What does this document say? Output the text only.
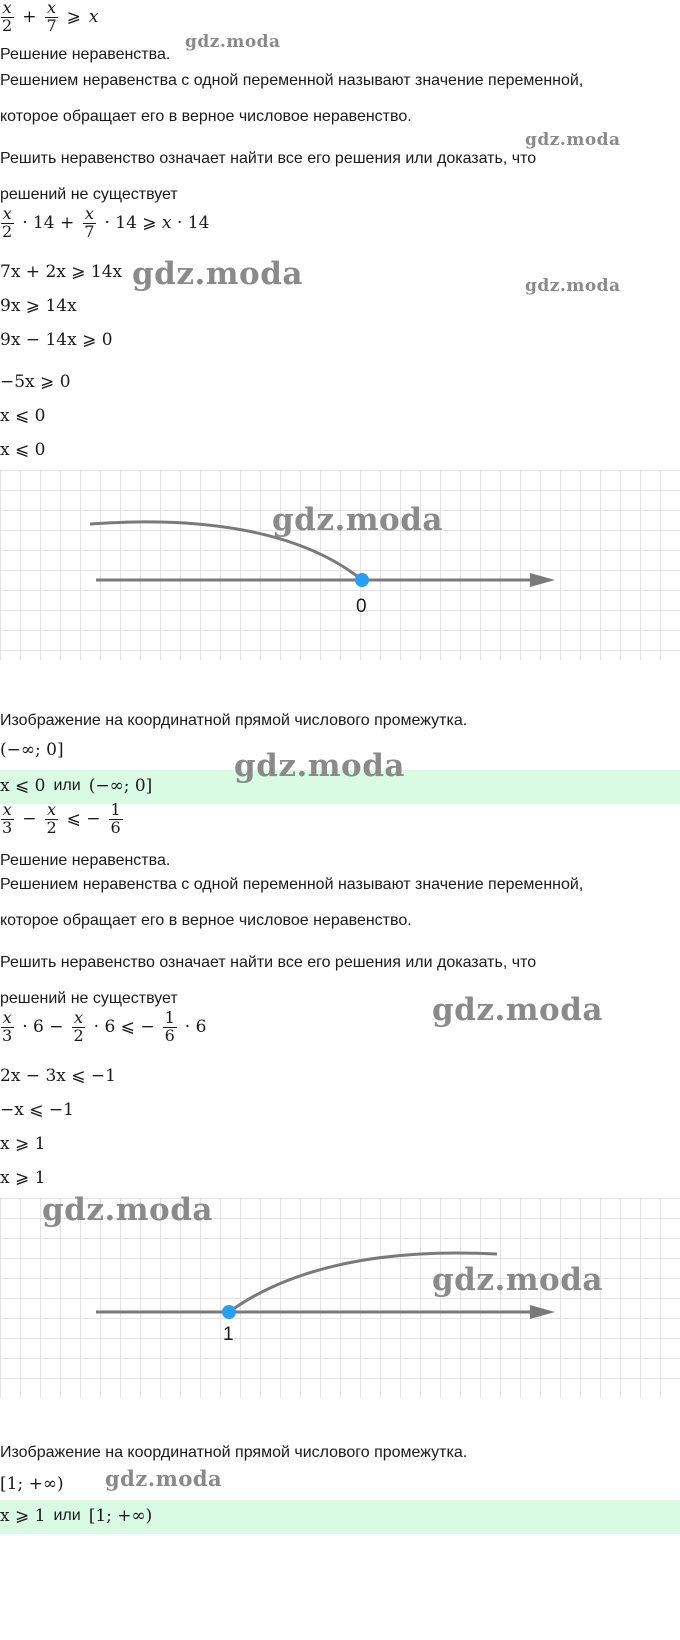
$\frac{x}{2} + \frac{x}{7}$ ⩾ x
Решение неравенства.
Решением неравенства с одной переменной называют значение переменной,
которое обращает его в верное числовое неравенство.
Решить неравенство означает найти все его решения или доказать, что
решений не существует
$\frac{x}{2} \cdot 14 + \frac{x}{7} \cdot 14$ ⩾ x · 14
7x + 2x ⩾ 14x
9x ⩾ 14x
9x − 14x ⩾ 0
−5x ⩾ 0
x ⩽ 0
x ⩽ 0
0
Изображение на координатной прямой числового промежутка.
(−∞; 0]
x ⩽ 0 или (−∞; 0]
$\frac{x}{3} - \frac{x}{2}$ ⩽ − $\frac{1}{6}$
Решение неравенства.
Решением неравенства с одной переменной называют значение переменной,
которое обращает его в верное числовое неравенство.
Решить неравенство означает найти все его решения или доказать, что
решений не существует
$\frac{x}{3} \cdot 6 - \frac{x}{2} \cdot 6$ ⩽ − $\frac{1}{6} \cdot 6$
2x − 3x ⩽ −1
−x ⩽ −1
x ⩾ 1
x ⩾ 1
1
Изображение на координатной прямой числового промежутка.
[1; +∞)
x ⩾ 1 или [1; +∞)
gdz.moda
gdz.moda
gdz.moda	gdz.moda
gdz.moda
gdz.moda
gdz.moda
gdz.moda
gdz.moda
gdz.moda
